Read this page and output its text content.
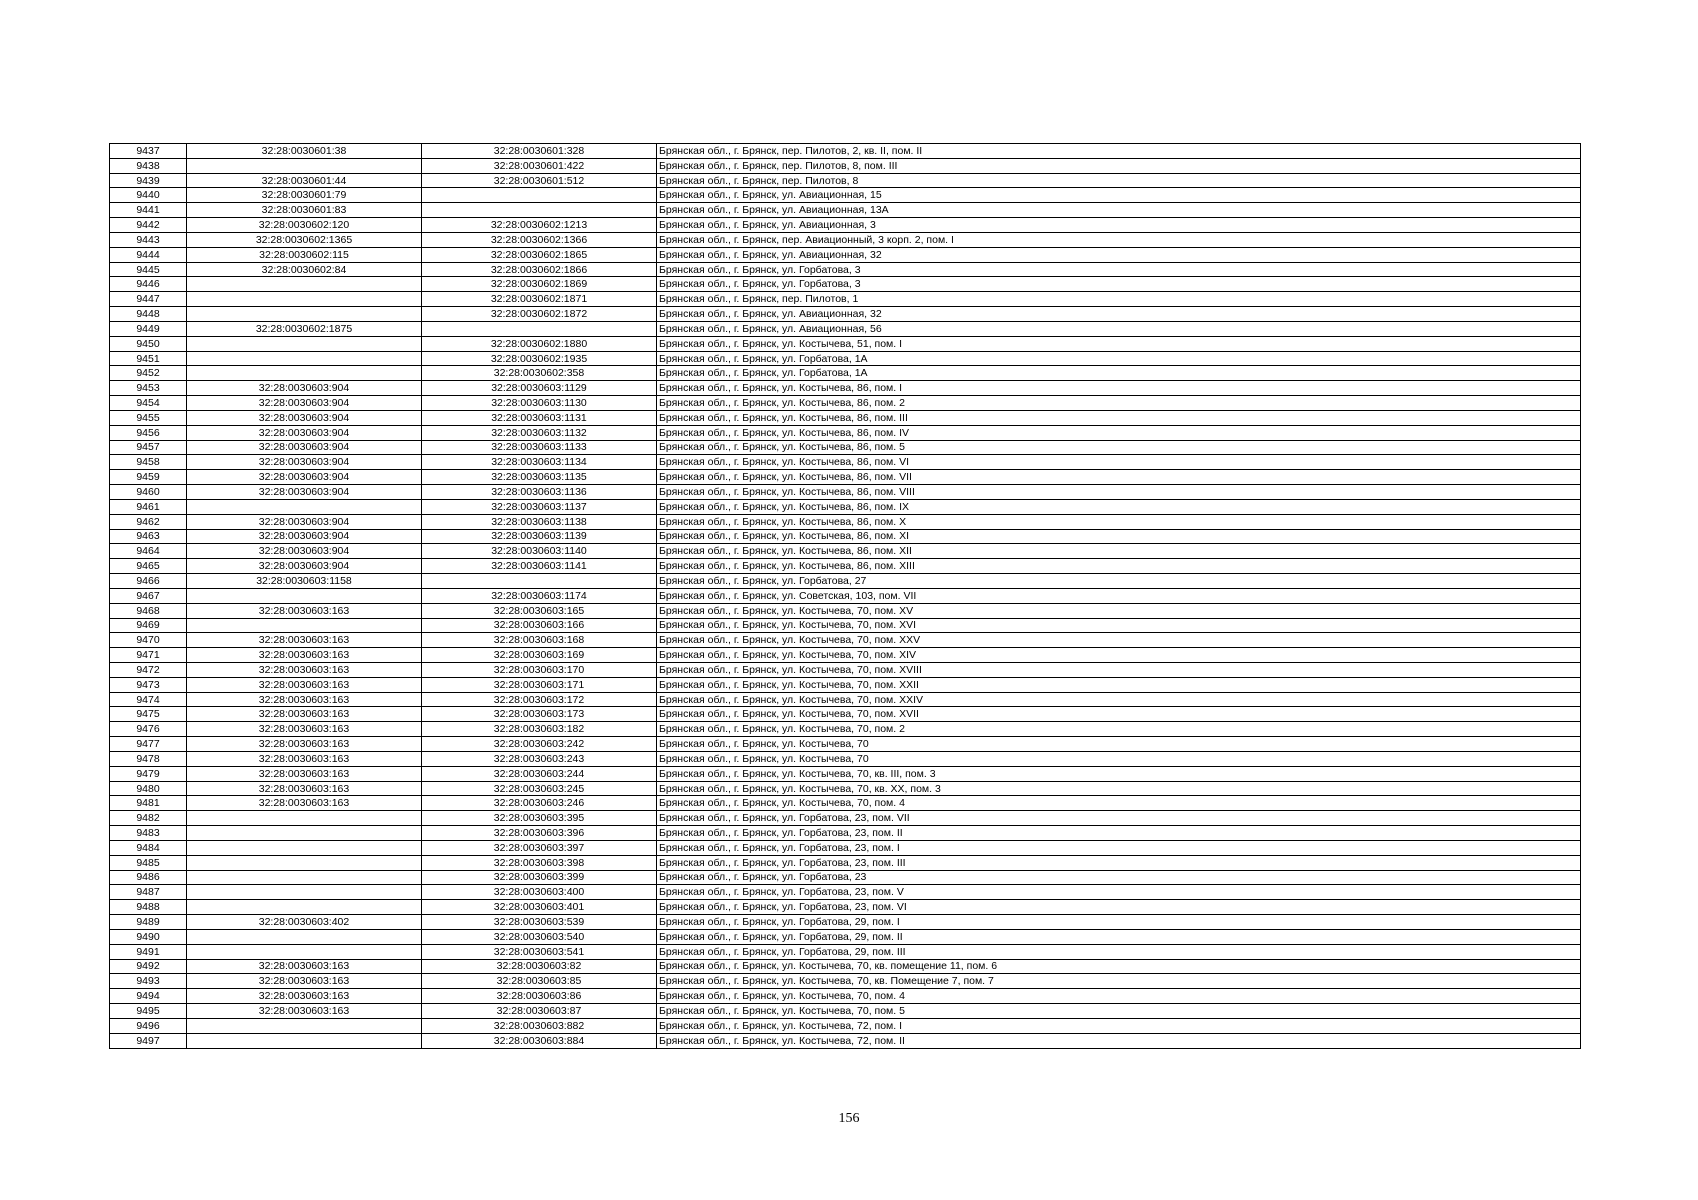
9437	32:28:0030601:38	32:28:0030601:328	Брянская обл., г. Брянск, пер. Пилотов, 2, кв. II, пом. II
9438		32:28:0030601:422	Брянская обл., г. Брянск, пер. Пилотов, 8, пом. III
9439	32:28:0030601:44	32:28:0030601:512	Брянская обл., г. Брянск, пер. Пилотов, 8
9440	32:28:0030601:79		Брянская обл., г. Брянск, ул. Авиационная, 15
9441	32:28:0030601:83		Брянская обл., г. Брянск, ул. Авиационная, 13А
9442	32:28:0030602:120	32:28:0030602:1213	Брянская обл., г. Брянск, ул. Авиационная, 3
9443	32:28:0030602:1365	32:28:0030602:1366	Брянская обл., г. Брянск, пер. Авиационный, 3 корп. 2, пом. I
9444	32:28:0030602:115	32:28:0030602:1865	Брянская обл., г. Брянск, ул. Авиационная, 32
9445	32:28:0030602:84	32:28:0030602:1866	Брянская обл., г. Брянск, ул. Горбатова, 3
9446		32:28:0030602:1869	Брянская обл., г. Брянск, ул. Горбатова, 3
9447		32:28:0030602:1871	Брянская обл., г. Брянск, пер. Пилотов, 1
9448		32:28:0030602:1872	Брянская обл., г. Брянск, ул. Авиационная, 32
9449	32:28:0030602:1875		Брянская обл., г. Брянск, ул. Авиационная, 56
9450		32:28:0030602:1880	Брянская обл., г. Брянск, ул. Костычева, 51, пом. I
9451		32:28:0030602:1935	Брянская обл., г. Брянск, ул. Горбатова, 1А
9452		32:28:0030602:358	Брянская обл., г. Брянск, ул. Горбатова, 1А
9453	32:28:0030603:904	32:28:0030603:1129	Брянская обл., г. Брянск, ул. Костычева, 86, пом. I
9454	32:28:0030603:904	32:28:0030603:1130	Брянская обл., г. Брянск, ул. Костычева, 86, пом. 2
9455	32:28:0030603:904	32:28:0030603:1131	Брянская обл., г. Брянск, ул. Костычева, 86, пом. III
9456	32:28:0030603:904	32:28:0030603:1132	Брянская обл., г. Брянск, ул. Костычева, 86, пом. IV
9457	32:28:0030603:904	32:28:0030603:1133	Брянская обл., г. Брянск, ул. Костычева, 86, пом. 5
9458	32:28:0030603:904	32:28:0030603:1134	Брянская обл., г. Брянск, ул. Костычева, 86, пом. VI
9459	32:28:0030603:904	32:28:0030603:1135	Брянская обл., г. Брянск, ул. Костычева, 86, пом. VII
9460	32:28:0030603:904	32:28:0030603:1136	Брянская обл., г. Брянск, ул. Костычева, 86, пом. VIII
9461		32:28:0030603:1137	Брянская обл., г. Брянск, ул. Костычева, 86, пом. IX
9462	32:28:0030603:904	32:28:0030603:1138	Брянская обл., г. Брянск, ул. Костычева, 86, пом. X
9463	32:28:0030603:904	32:28:0030603:1139	Брянская обл., г. Брянск, ул. Костычева, 86, пом. XI
9464	32:28:0030603:904	32:28:0030603:1140	Брянская обл., г. Брянск, ул. Костычева, 86, пом. XII
9465	32:28:0030603:904	32:28:0030603:1141	Брянская обл., г. Брянск, ул. Костычева, 86, пом. XIII
9466	32:28:0030603:1158		Брянская обл., г. Брянск, ул. Горбатова, 27
9467		32:28:0030603:1174	Брянская обл., г. Брянск, ул. Советская, 103, пом. VII
9468	32:28:0030603:163	32:28:0030603:165	Брянская обл., г. Брянск, ул. Костычева, 70, пом. XV
9469		32:28:0030603:166	Брянская обл., г. Брянск, ул. Костычева, 70, пом. XVI
9470	32:28:0030603:163	32:28:0030603:168	Брянская обл., г. Брянск, ул. Костычева, 70, пом. XXV
9471	32:28:0030603:163	32:28:0030603:169	Брянская обл., г. Брянск, ул. Костычева, 70, пом. XIV
9472	32:28:0030603:163	32:28:0030603:170	Брянская обл., г. Брянск, ул. Костычева, 70, пом. XVIII
9473	32:28:0030603:163	32:28:0030603:171	Брянская обл., г. Брянск, ул. Костычева, 70, пом. XXII
9474	32:28:0030603:163	32:28:0030603:172	Брянская обл., г. Брянск, ул. Костычева, 70, пом. XXIV
9475	32:28:0030603:163	32:28:0030603:173	Брянская обл., г. Брянск, ул. Костычева, 70, пом. XVII
9476	32:28:0030603:163	32:28:0030603:182	Брянская обл., г. Брянск, ул. Костычева, 70, пом. 2
9477	32:28:0030603:163	32:28:0030603:242	Брянская обл., г. Брянск, ул. Костычева, 70
9478	32:28:0030603:163	32:28:0030603:243	Брянская обл., г. Брянск, ул. Костычева, 70
9479	32:28:0030603:163	32:28:0030603:244	Брянская обл., г. Брянск, ул. Костычева, 70, кв. III, пом. 3
9480	32:28:0030603:163	32:28:0030603:245	Брянская обл., г. Брянск, ул. Костычева, 70, кв. XX, пом. 3
9481	32:28:0030603:163	32:28:0030603:246	Брянская обл., г. Брянск, ул. Костычева, 70, пом. 4
9482		32:28:0030603:395	Брянская обл., г. Брянск, ул. Горбатова, 23, пом. VII
9483		32:28:0030603:396	Брянская обл., г. Брянск, ул. Горбатова, 23, пом. II
9484		32:28:0030603:397	Брянская обл., г. Брянск, ул. Горбатова, 23, пом. I
9485		32:28:0030603:398	Брянская обл., г. Брянск, ул. Горбатова, 23, пом. III
9486		32:28:0030603:399	Брянская обл., г. Брянск, ул. Горбатова, 23
9487		32:28:0030603:400	Брянская обл., г. Брянск, ул. Горбатова, 23, пом. V
9488		32:28:0030603:401	Брянская обл., г. Брянск, ул. Горбатова, 23, пом. VI
9489	32:28:0030603:402	32:28:0030603:539	Брянская обл., г. Брянск, ул. Горбатова, 29, пом. I
9490		32:28:0030603:540	Брянская обл., г. Брянск, ул. Горбатова, 29, пом. II
9491		32:28:0030603:541	Брянская обл., г. Брянск, ул. Горбатова, 29, пом. III
9492	32:28:0030603:163	32:28:0030603:82	Брянская обл., г. Брянск, ул. Костычева, 70, кв. помещение 11, пом. 6
9493	32:28:0030603:163	32:28:0030603:85	Брянская обл., г. Брянск, ул. Костычева, 70, кв. Помещение 7, пом. 7
9494	32:28:0030603:163	32:28:0030603:86	Брянская обл., г. Брянск, ул. Костычева, 70, пом. 4
9495	32:28:0030603:163	32:28:0030603:87	Брянская обл., г. Брянск, ул. Костычева, 70, пом. 5
9496		32:28:0030603:882	Брянская обл., г. Брянск, ул. Костычева, 72, пом. I
9497		32:28:0030603:884	Брянская обл., г. Брянск, ул. Костычева, 72, пом. II
156
